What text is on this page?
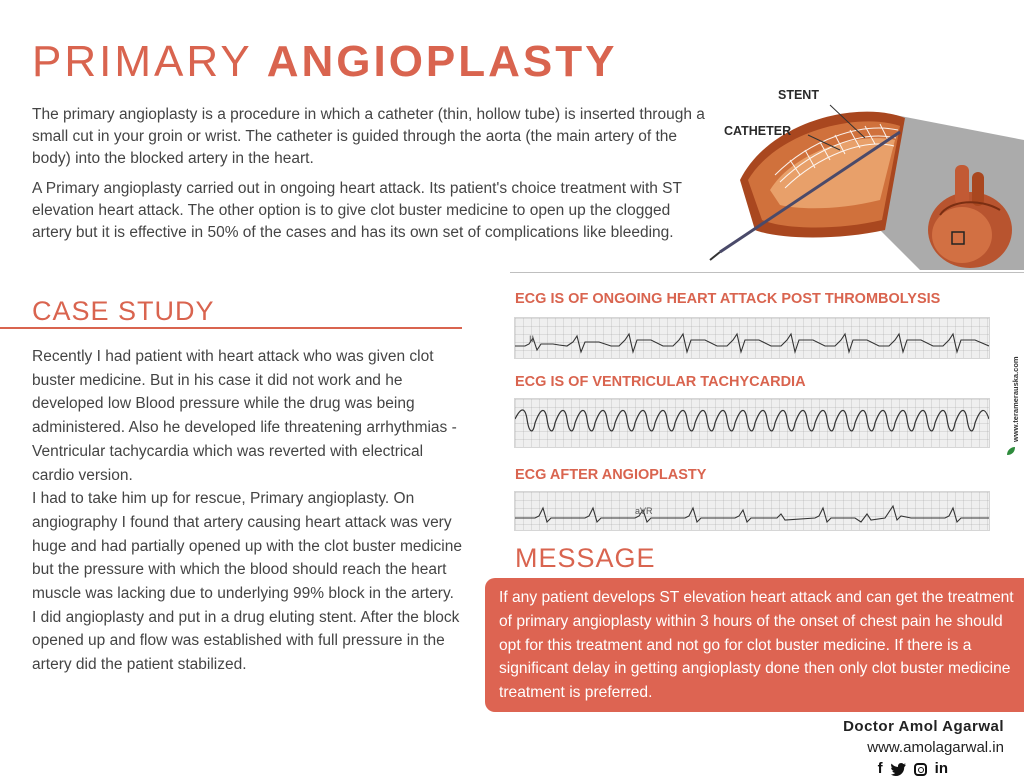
PRIMARY ANGIOPLASTY

The primary angioplasty is a procedure in which a catheter (thin, hollow tube) is inserted through a small cut in your groin or wrist. The catheter is guided through the aorta (the main artery of the body) into the blocked artery in the heart.

A Primary angioplasty carried out in ongoing heart attack. Its patient's choice treatment with ST elevation heart attack. The other option is to give clot buster medicine to open up the clogged artery but it is effective in 50% of the cases and has its own set of complications like bleeding.

STENT
CATHETER
CASE STUDY

Recently I had patient with heart attack who was given clot buster medicine. But in his case it did not work and he developed low Blood pressure while the drug was being administered. Also he developed life threatening arrhythmias - Ventricular tachycardia which was reverted with electrical cardio version.

I had to take him up for rescue, Primary angioplasty. On angiography I found that artery causing heart attack was very huge and had partially opened up with the clot buster medicine but the pressure with which the blood should reach the heart muscle was lacking due to underlying 99% block in the artery.

I did angioplasty and put in a drug eluting stent. After the block opened up and flow was established with full pressure in the artery did the patient stabilized.

ECG IS OF ONGOING HEART ATTACK POST THROMBOLYSIS
II
ECG IS OF VENTRICULAR TACHYCARDIA
ECG AFTER ANGIOPLASTY
aVR
www.teramerauska.com
MESSAGE
If any patient develops ST elevation heart attack and can get the treatment of primary angioplasty within 3 hours of the onset of chest pain he should opt for this treatment and not go for clot buster medicine. If there is a significant delay in getting angioplasty done then only clot buster medicine treatment is preferred.

Doctor Amol Agarwal

www.amolagarwal.in

f	in
